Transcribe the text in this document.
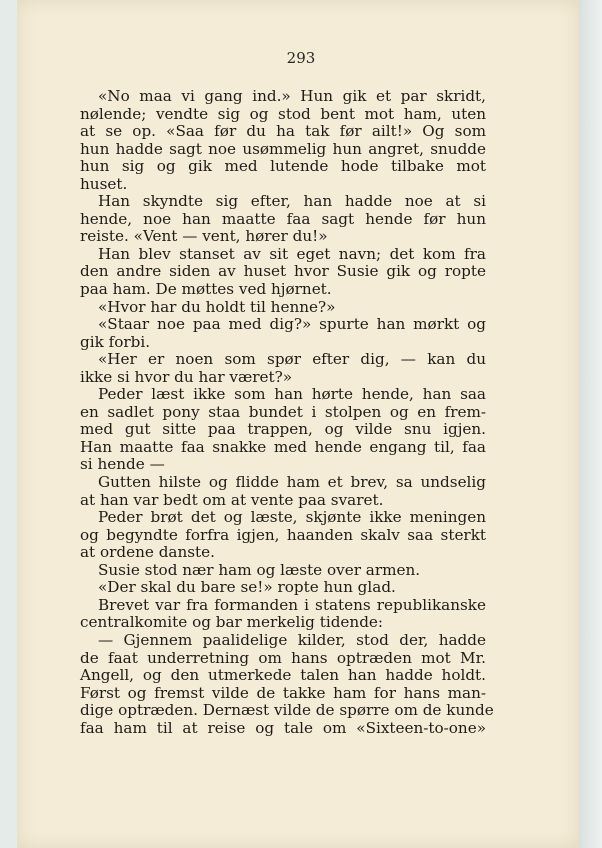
293
«No maa vi gang ind.» Hun gik et par skridt,
nølende; vendte sig og stod bent mot ham, uten
at se op. «Saa før du ha tak før ailt!» Og som
hun hadde sagt noe usømmelig hun angret, snudde
hun sig og gik med lutende hode tilbake mot
huset.
Han skyndte sig efter, han hadde noe at si
hende, noe han maatte faa sagt hende før hun
reiste. «Vent — vent, hører du!»
Han blev stanset av sit eget navn; det kom fra
den andre siden av huset hvor Susie gik og ropte
paa ham. De møttes ved hjørnet.
«Hvor har du holdt til henne?»
«Staar noe paa med dig?» spurte han mørkt og
gik forbi.
«Her er noen som spør efter dig, — kan du
ikke si hvor du har været?»
Peder læst ikke som han hørte hende, han saa
en sadlet pony staa bundet i stolpen og en frem-
med gut sitte paa trappen, og vilde snu igjen.
Han maatte faa snakke med hende engang til, faa
si hende —
Gutten hilste og flidde ham et brev, sa undselig
at han var bedt om at vente paa svaret.
Peder brøt det og læste, skjønte ikke meningen
og begyndte forfra igjen, haanden skalv saa sterkt
at ordene danste.
Susie stod nær ham og læste over armen.
«Der skal du bare se!» ropte hun glad.
Brevet var fra formanden i statens republikanske
centralkomite og bar merkelig tidende:
— Gjennem paalidelige kilder, stod der, hadde
de faat underretning om hans optræden mot Mr.
Angell, og den utmerkede talen han hadde holdt.
Først og fremst vilde de takke ham for hans man-
dige optræden. Dernæst vilde de spørre om de kunde
faa ham til at reise og tale om «Sixteen-to-one»
